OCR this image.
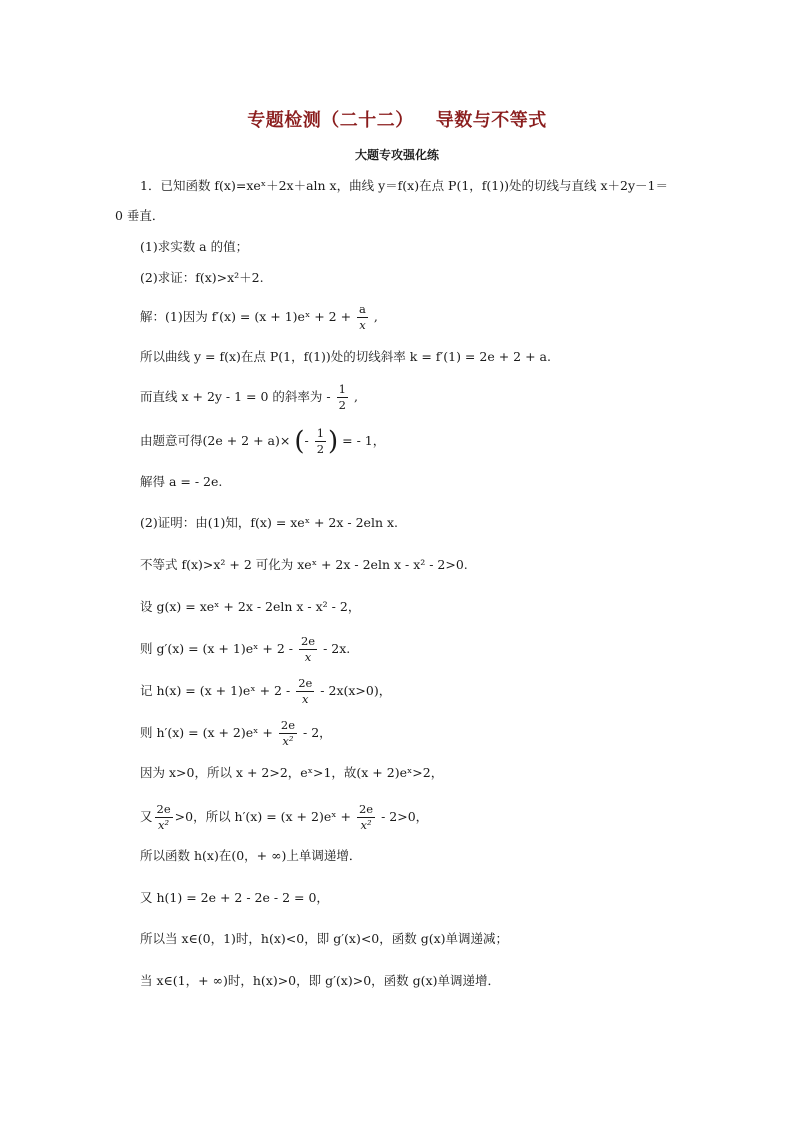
专题检测（二十二） 导数与不等式
大题专攻强化练
1．已知函数 f(x)=xeˣ＋2x＋aln x，曲线 y＝f(x)在点 P(1，f(1))处的切线与直线 x＋2y－1＝
0 垂直．
(1)求实数 a 的值；
(2)求证：f(x)>x²＋2.
解：(1)因为 f′(x) = (x + 1)eˣ + $2 + \frac{a}{x}$ ,
所以曲线 y = f(x)在点 P(1，f(1))处的切线斜率 k = f′(1) = 2e + 2 + a.
而直线 x + 2y - 1 = 0 的斜率为 - $\frac{1}{2}$ ,
由题意可得(2e + 2 + a)× (- $\frac{1}{2}$ ) = - 1，
解得 a = - 2e.
(2)证明：由(1)知，f(x) = xeˣ + 2x - 2eln x.
不等式 f(x)>x² + 2 可化为 xeˣ + 2x - 2eln x - x² - 2>0.
设 g(x) = xeˣ + 2x - 2eln x - x² - 2，
则 g′(x) = (x + 1)eˣ + $2 - \frac{2e}{x} - 2x$.
记 h(x) = (x + 1)eˣ + $2 - \frac{2e}{x} - 2x(x>0)$，
则 h′(x) = (x + 2)eˣ + $\frac{2e}{\text{x²}} - 2$，
因为 x>0，所以 x + 2>2，eˣ>1，故(x + 2)eˣ>2，
又 $\frac{2e}{\text{x²}} >0$，所以 h′(x) = (x + 2)eˣ + $\frac{2e}{\text{x²}} - 2>0$，
所以函数 h(x)在(0，+ ∞)上单调递增．
又 h(1) = 2e + 2 - 2e - 2 = 0，
所以当 x∈(0，1)时，h(x)<0，即 g′(x)<0，函数 g(x)单调递减；
当 x∈(1，+ ∞)时，h(x)>0，即 g′(x)>0，函数 g(x)单调递增．
